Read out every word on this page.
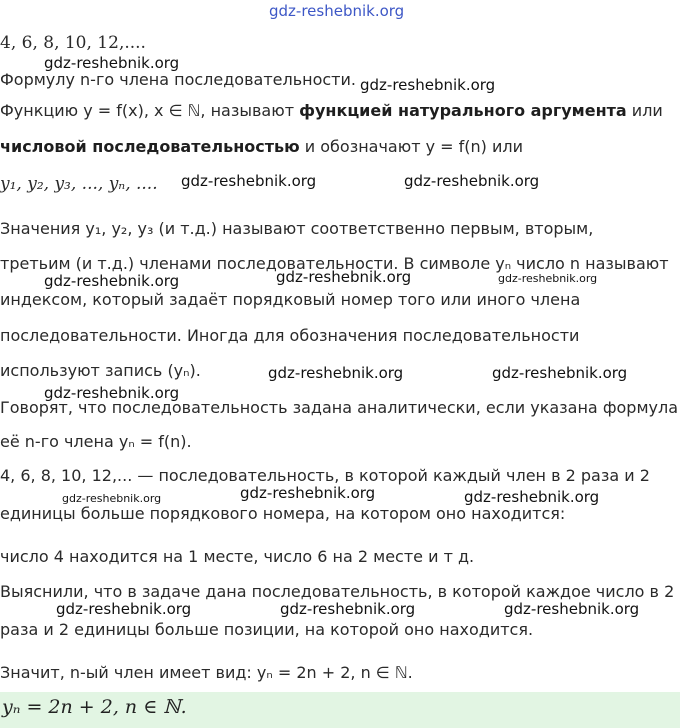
gdz-reshebnik.org
4, 6, 8, 10, 12,....
Формулу n-го члена последовательности.
Функцию y = f(x), x ∈ ℕ, называют функцией натурального аргумента или
числовой последовательностью и обозначают y = f(n) или
y₁, y₂, y₃, ..., yₙ, ....
Значения y₁, y₂, y₃ (и т.д.) называют соответственно первым, вторым,
третьим (и т.д.) членами последовательности. В символе yₙ число n называют
индексом, который задаёт порядковый номер того или иного члена
последовательности. Иногда для обозначения последовательности
используют запись (yₙ).
Говорят, что последовательность задана аналитически, если указана формула
её n-го члена yₙ = f(n).
4, 6, 8, 10, 12,... — последовательность, в которой каждый член в 2 раза и 2
единицы больше порядкового номера, на котором оно находится:
число 4 находится на 1 месте, число 6 на 2 месте и т д.
Выяснили, что в задаче дана последовательность, в которой каждое число в 2
раза и 2 единицы больше позиции, на которой оно находится.
Значит, n-ый член имеет вид: yₙ = 2n + 2, n ∈ ℕ.
yₙ = 2n + 2, n ∈ ℕ.
gdz-reshebnik.org
gdz-reshebnik.org
gdz-reshebnik.org	gdz-reshebnik.org
gdz-reshebnik.org	gdz-reshebnik.org	gdz-reshebnik.org
gdz-reshebnik.org	gdz-reshebnik.org
gdz-reshebnik.org
gdz-reshebnik.org	gdz-reshebnik.org	gdz-reshebnik.org
gdz-reshebnik.org	gdz-reshebnik.org	gdz-reshebnik.org
